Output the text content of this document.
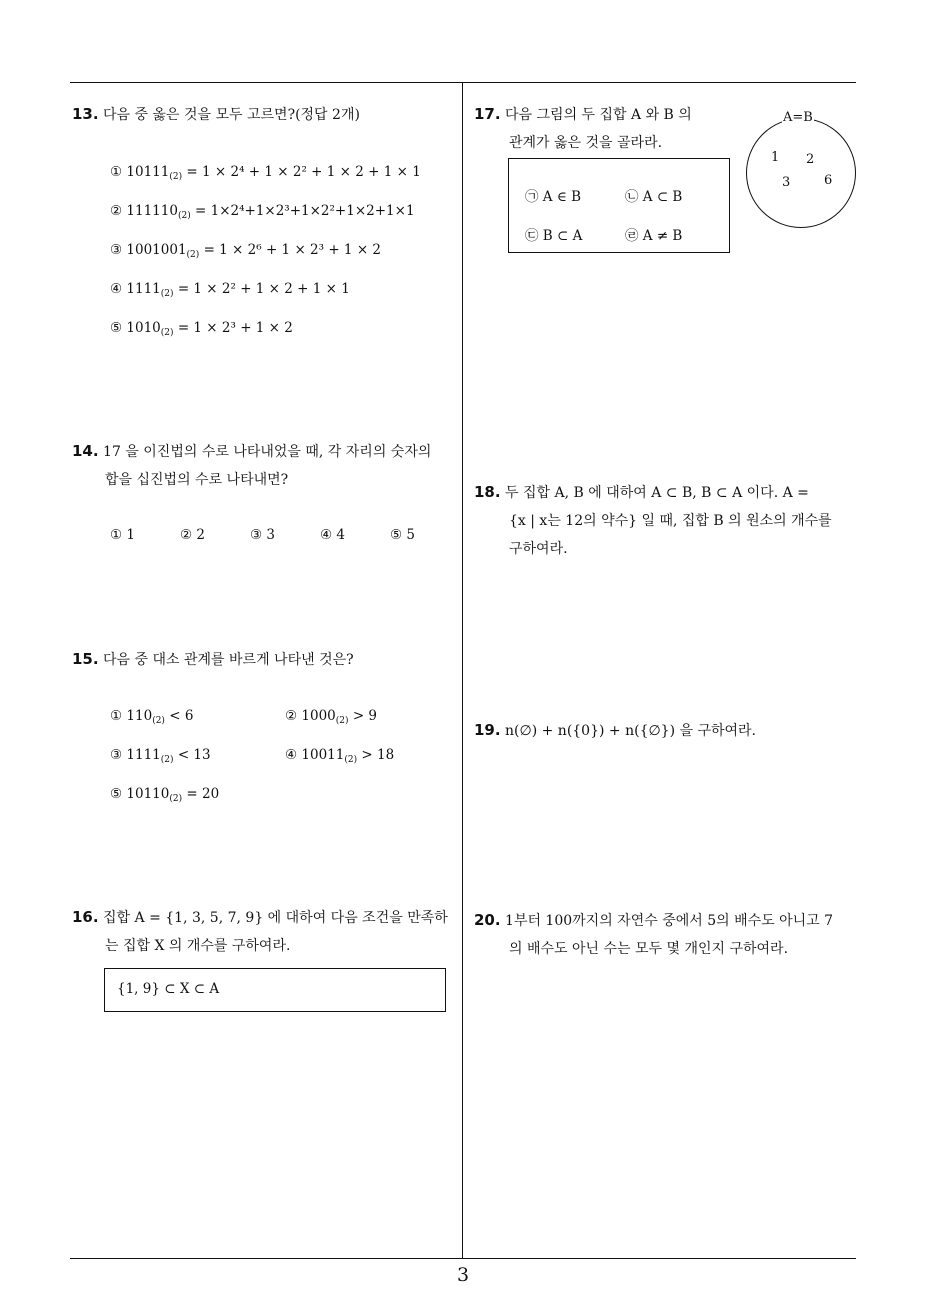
3
13. 다음 중 옳은 것을 모두 고르면?(정답 2개)
① $10111_{(2)} = 1 \times 2^4 + 1 \times 2^2 + 1 \times 2 + 1 \times 1$
② $111110_{(2)} = 1\times 2^4+1\times 2^3+1\times 2^2+1\times 2+1\times 1$
③ $1001001_{(2)} = 1 \times 2^6 + 1 \times 2^3 + 1 \times 2$
④ $1111_{(2)} = 1 \times 2^2 + 1 \times 2 + 1 \times 1$
⑤ $1010_{(2)} = 1 \times 2^3 + 1 \times 2$
14. 17 을 이진법의 수로 나타내었을 때, 각 자리의 숫자의
합을 십진법의 수로 나타내면?
① 1	② 2	③ 3	④ 4	⑤ 5
15. 다음 중 대소 관계를 바르게 나타낸 것은?
① $110_{(2)} < 6$	② $1000_{(2)} > 9$
③ $1111_{(2)} < 13$	④ $10011_{(2)} > 18$
⑤ $10110_{(2)} = 20$
16. 집합 A = {1, 3, 5, 7, 9} 에 대하여 다음 조건을 만족하
는 집합 X 의 개수를 구하여라.
{1, 9} ⊂ X ⊂ A
17. 다음 그림의 두 집합 A 와 B 의
관계가 옳은 것을 골라라.
㉠ A ∈ B	㉡ A ⊂ B
㉢ B ⊂ A	㉣ A ≠ B
A=B
1 2
3	6
18. 두 집합 A, B 에 대하여 A ⊂ B, B ⊂ A 이다. A =
{x | x는 12의 약수} 일 때, 집합 B 의 원소의 개수를
구하여라.
19. n(∅) + n({0}) + n({∅}) 을 구하여라.
20. 1부터 100까지의 자연수 중에서 5의 배수도 아니고 7
의 배수도 아닌 수는 모두 몇 개인지 구하여라.
